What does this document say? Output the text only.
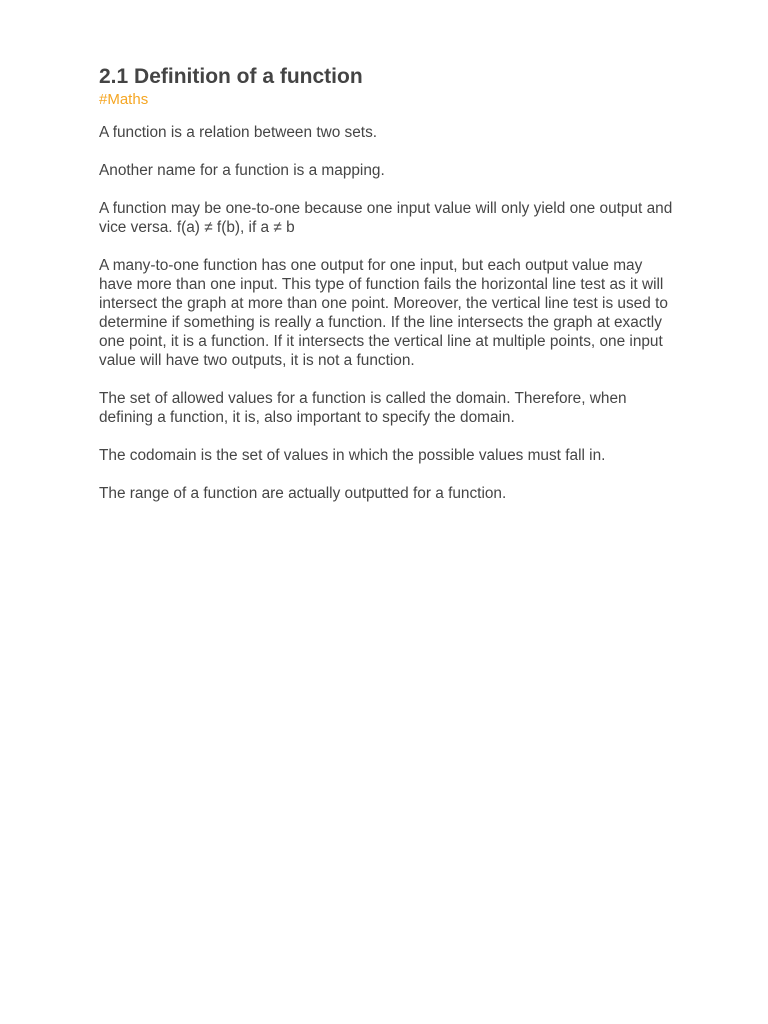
2.1 Definition of a function
#Maths

A function is a relation between two sets.

Another name for a function is a mapping.

A function may be one-to-one because one input value will only yield one output and vice versa. f(a) ≠ f(b), if a ≠ b

A many-to-one function has one output for one input, but each output value may have more than one input. This type of function fails the horizontal line test as it will intersect the graph at more than one point. Moreover, the vertical line test is used to determine if something is really a function. If the line intersects the graph at exactly one point, it is a function. If it intersects the vertical line at multiple points, one input value will have two outputs, it is not a function.

The set of allowed values for a function is called the domain. Therefore, when defining a function, it is, also important to specify the domain.

The codomain is the set of values in which the possible values must fall in.

The range of a function are actually outputted for a function.
